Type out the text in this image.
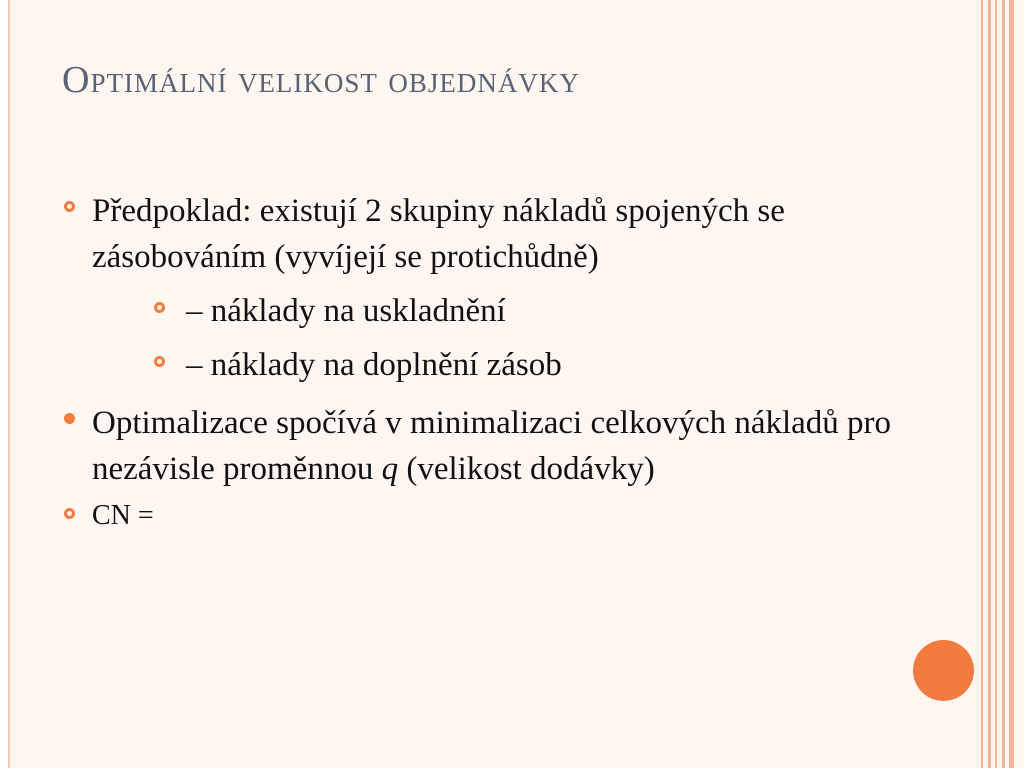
Optimální velikost objednávky
Předpoklad: existují 2 skupiny nákladů spojených se zásobováním (vyvíjejí se protichůdně)
– náklady na uskladnění
– náklady na doplnění zásob
Optimalizace spočívá v minimalizaci celkových nákladů pro nezávisle proměnnou q (velikost dodávky)
CN =
